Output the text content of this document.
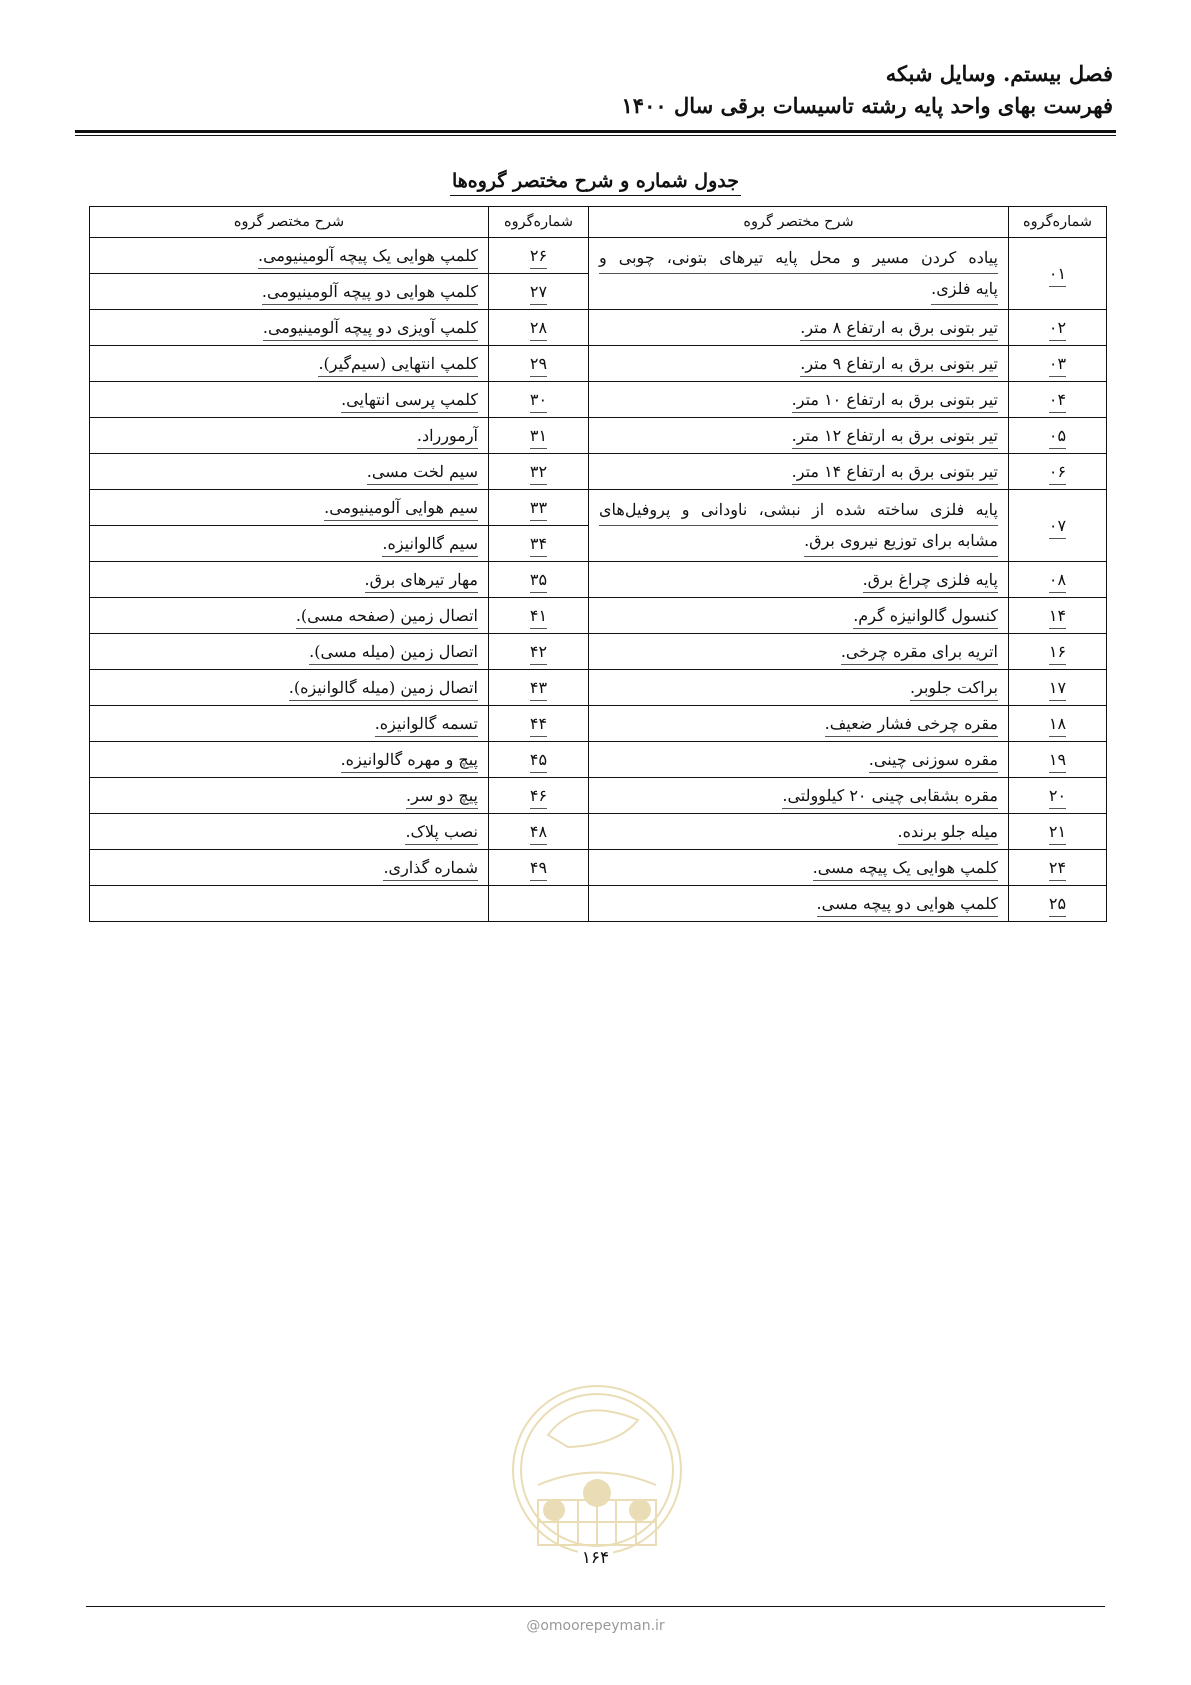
فصل بیستم. وسایل شبکه
فهرست بهای واحد پایه رشته تاسیسات برقی سال ۱۴۰۰
جدول شماره و شرح مختصر گروه‌ها
شماره‌گروه	شرح مختصر گروه	شماره‌گروه	شرح مختصر گروه
۰۱	پیاده کردن مسیر و محل پایه تیرهای بتونی، چوبی و
پایه فلزی.	۲۶	کلمپ هوایی یک پیچه آلومینیومی.
		۲۷	کلمپ هوایی دو پیچه آلومینیومی.
۰۲	تیر بتونی برق به ارتفاع ۸ متر.	۲۸	کلمپ آویزی دو پیچه آلومینیومی.
۰۳	تیر بتونی برق به ارتفاع ۹ متر.	۲۹	کلمپ انتهایی (سیم‌گیر).
۰۴	تیر بتونی برق به ارتفاع ۱۰ متر.	۳۰	کلمپ پرسی انتهایی.
۰۵	تیر بتونی برق به ارتفاع ۱۲ متر.	۳۱	آرمورراد.
۰۶	تیر بتونی برق به ارتفاع ۱۴ متر.	۳۲	سیم لخت مسی.
۰۷	پایه فلزی ساخته شده از نبشی، ناودانی و پروفیل‌های
مشابه برای توزیع نیروی برق.	۳۳	سیم هوایی آلومینیومی.
		۳۴	سیم گالوانیزه.
۰۸	پایه فلزی چراغ برق.	۳۵	مهار تیرهای برق.
۱۴	کنسول گالوانیزه گرم.	۴۱	اتصال زمین (صفحه مسی).
۱۶	اتریه برای مقره چرخی.	۴۲	اتصال زمین (میله مسی).
۱۷	براکت جلوبر.	۴۳	اتصال زمین (میله گالوانیزه).
۱۸	مقره چرخی فشار ضعیف.	۴۴	تسمه گالوانیزه.
۱۹	مقره سوزنی چینی.	۴۵	پیچ و مهره گالوانیزه.
۲۰	مقره بشقابی چینی ۲۰ کیلوولتی.	۴۶	پیچ دو سر.
۲۱	میله جلو برنده.	۴۸	نصب پلاک.
۲۴	کلمپ هوایی یک پیچه مسی.	۴۹	شماره گذاری.
۲۵	کلمپ هوایی دو پیچه مسی.		
۱۶۴
@omoorepeyman.ir
